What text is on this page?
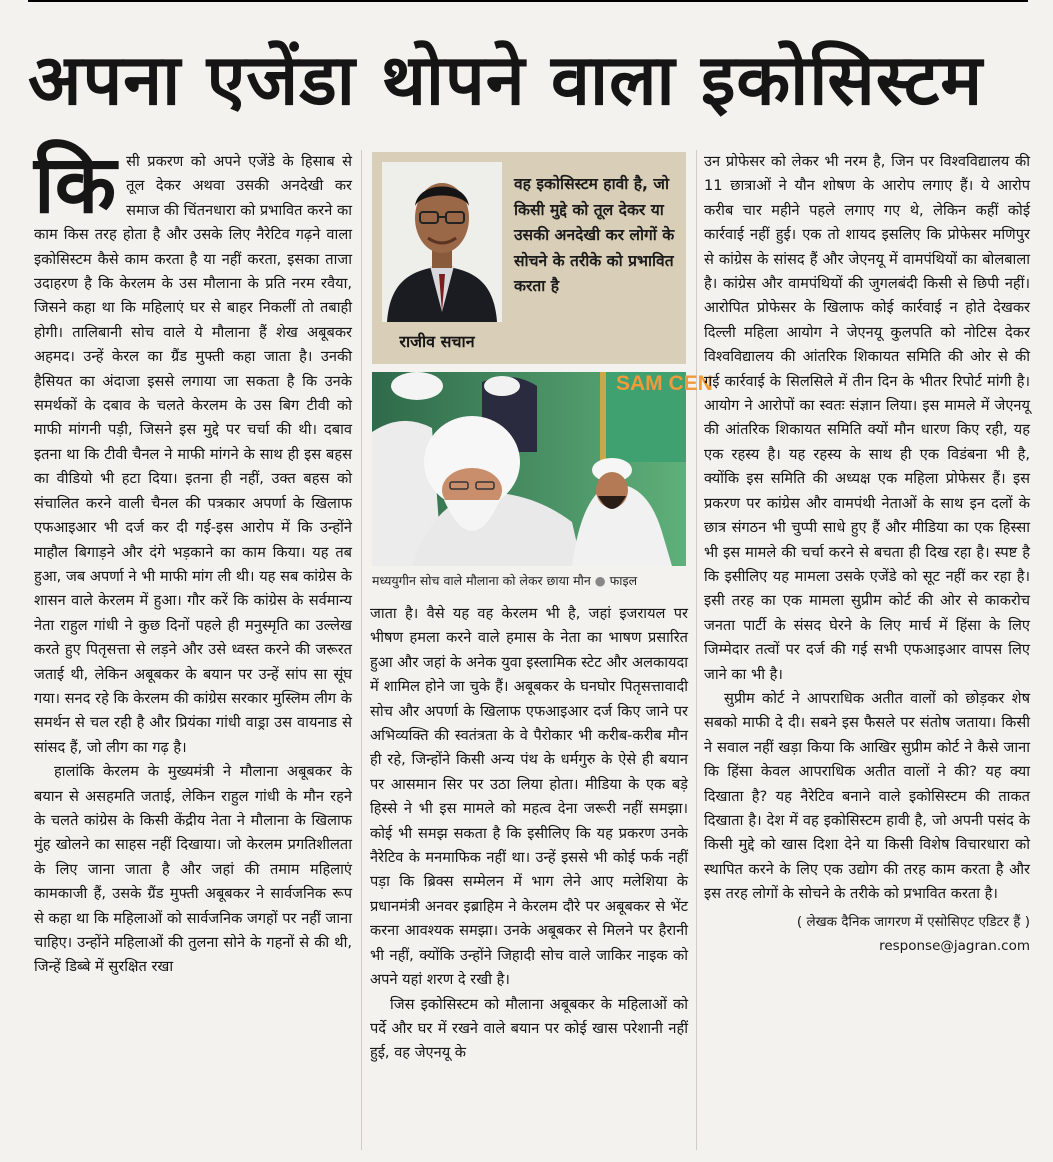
अपना एजेंडा थोपने वाला इकोसिस्टम

किसी प्रकरण को अपने एजेंडे के हिसाब से तूल देकर अथवा उसकी अनदेखी कर समाज की चिंतनधारा को प्रभावित करने का काम किस तरह होता है और उसके लिए नैरेटिव गढ़ने वाला इकोसिस्टम कैसे काम करता है या नहीं करता, इसका ताजा उदाहरण है कि केरलम के उस मौलाना के प्रति नरम रवैया, जिसने कहा था कि महिलाएं घर से बाहर निकलीं तो तबाही होगी। तालिबानी सोच वाले ये मौलाना हैं शेख अबूबकर अहमद। उन्हें केरल का ग्रैंड मुफ्ती कहा जाता है। उनकी हैसियत का अंदाजा इससे लगाया जा सकता है कि उनके समर्थकों के दबाव के चलते केरलम के उस बिग टीवी को माफी मांगनी पड़ी, जिसने इस मुद्दे पर चर्चा की थी। दबाव इतना था कि टीवी चैनल ने माफी मांगने के साथ ही इस बहस का वीडियो भी हटा दिया। इतना ही नहीं, उक्त बहस को संचालित करने वाली चैनल की पत्रकार अपर्णा के खिलाफ एफआइआर भी दर्ज कर दी गई-इस आरोप में कि उन्होंने माहौल बिगाड़ने और दंगे भड़काने का काम किया। यह तब हुआ, जब अपर्णा ने भी माफी मांग ली थी। यह सब कांग्रेस के शासन वाले केरलम में हुआ। गौर करें कि कांग्रेस के सर्वमान्य नेता राहुल गांधी ने कुछ दिनों पहले ही मनुस्मृति का उल्लेख करते हुए पितृसत्ता से लड़ने और उसे ध्वस्त करने की जरूरत जताई थी, लेकिन अबूबकर के बयान पर उन्हें सांप सा सूंघ गया। सनद रहे कि केरलम की कांग्रेस सरकार मुस्लिम लीग के समर्थन से चल रही है और प्रियंका गांधी वाड्रा उस वायनाड से सांसद हैं, जो लीग का गढ़ है।

हालांकि केरलम के मुख्यमंत्री ने मौलाना अबूबकर के बयान से असहमति जताई, लेकिन राहुल गांधी के मौन रहने के चलते कांग्रेस के किसी केंद्रीय नेता ने मौलाना के खिलाफ मुंह खोलने का साहस नहीं दिखाया। जो केरलम प्रगतिशीलता के लिए जाना जाता है और जहां की तमाम महिलाएं कामकाजी हैं, उसके ग्रैंड मुफ्ती अबूबकर ने सार्वजनिक रूप से कहा था कि महिलाओं को सार्वजनिक जगहों पर नहीं जाना चाहिए। उन्होंने महिलाओं की तुलना सोने के गहनों से की थी, जिन्हें डिब्बे में सुरक्षित रखा

राजीव सचान
वह इकोसिस्टम हावी है, जो किसी मुद्दे को तूल देकर या उसकी अनदेखी कर लोगों के सोचने के तरीके को प्रभावित करता है
SAM CEN
मध्ययुगीन सोच वाले मौलाना को लेकर छाया मौन ● फाइल

जाता है। वैसे यह वह केरलम भी है, जहां इजरायल पर भीषण हमला करने वाले हमास के नेता का भाषण प्रसारित हुआ और जहां के अनेक युवा इस्लामिक स्टेट और अलकायदा में शामिल होने जा चुके हैं। अबूबकर के घनघोर पितृसत्तावादी सोच और अपर्णा के खिलाफ एफआइआर दर्ज किए जाने पर अभिव्यक्ति की स्वतंत्रता के वे पैरोकार भी करीब-करीब मौन ही रहे, जिन्होंने किसी अन्य पंथ के धर्मगुरु के ऐसे ही बयान पर आसमान सिर पर उठा लिया होता। मीडिया के एक बड़े हिस्से ने भी इस मामले को महत्व देना जरूरी नहीं समझा। कोई भी समझ सकता है कि इसीलिए कि यह प्रकरण उनके नैरेटिव के मनमाफिक नहीं था। उन्हें इससे भी कोई फर्क नहीं पड़ा कि ब्रिक्स सम्मेलन में भाग लेने आए मलेशिया के प्रधानमंत्री अनवर इब्राहिम ने केरलम दौरे पर अबूबकर से भेंट करना आवश्यक समझा। उनके अबूबकर से मिलने पर हैरानी भी नहीं, क्योंकि उन्होंने जिहादी सोच वाले जाकिर नाइक को अपने यहां शरण दे रखी है।

जिस इकोसिस्टम को मौलाना अबूबकर के महिलाओं को पर्दे और घर में रखने वाले बयान पर कोई खास परेशानी नहीं हुई, वह जेएनयू के

उन प्रोफेसर को लेकर भी नरम है, जिन पर विश्वविद्यालय की 11 छात्राओं ने यौन शोषण के आरोप लगाए हैं। ये आरोप करीब चार महीने पहले लगाए गए थे, लेकिन कहीं कोई कार्रवाई नहीं हुई। एक तो शायद इसलिए कि प्रोफेसर मणिपुर से कांग्रेस के सांसद हैं और जेएनयू में वामपंथियों का बोलबाला है। कांग्रेस और वामपंथियों की जुगलबंदी किसी से छिपी नहीं। आरोपित प्रोफेसर के खिलाफ कोई कार्रवाई न होते देखकर दिल्ली महिला आयोग ने जेएनयू कुलपति को नोटिस देकर विश्वविद्यालय की आंतरिक शिकायत समिति की ओर से की गई कार्रवाई के सिलसिले में तीन दिन के भीतर रिपोर्ट मांगी है। आयोग ने आरोपों का स्वतः संज्ञान लिया। इस मामले में जेएनयू की आंतरिक शिकायत समिति क्यों मौन धारण किए रही, यह एक रहस्य है। यह रहस्य के साथ ही एक विडंबना भी है, क्योंकि इस समिति की अध्यक्ष एक महिला प्रोफेसर हैं। इस प्रकरण पर कांग्रेस और वामपंथी नेताओं के साथ इन दलों के छात्र संगठन भी चुप्पी साधे हुए हैं और मीडिया का एक हिस्सा भी इस मामले की चर्चा करने से बचता ही दिख रहा है। स्पष्ट है कि इसीलिए यह मामला उसके एजेंडे को सूट नहीं कर रहा है। इसी तरह का एक मामला सुप्रीम कोर्ट की ओर से काकरोच जनता पार्टी के संसद घेरने के लिए मार्च में हिंसा के लिए जिम्मेदार तत्वों पर दर्ज की गई सभी एफआइआर वापस लिए जाने का भी है।

सुप्रीम कोर्ट ने आपराधिक अतीत वालों को छोड़कर शेष सबको माफी दे दी। सबने इस फैसले पर संतोष जताया। किसी ने सवाल नहीं खड़ा किया कि आखिर सुप्रीम कोर्ट ने कैसे जाना कि हिंसा केवल आपराधिक अतीत वालों ने की? यह क्या दिखाता है? यह नैरेटिव बनाने वाले इकोसिस्टम की ताकत दिखाता है। देश में वह इकोसिस्टम हावी है, जो अपनी पसंद के किसी मुद्दे को खास दिशा देने या किसी विशेष विचारधारा को स्थापित करने के लिए एक उद्योग की तरह काम करता है और इस तरह लोगों के सोचने के तरीके को प्रभावित करता है।

( लेखक दैनिक जागरण में एसोसिएट एडिटर हैं )
response@jagran.com
